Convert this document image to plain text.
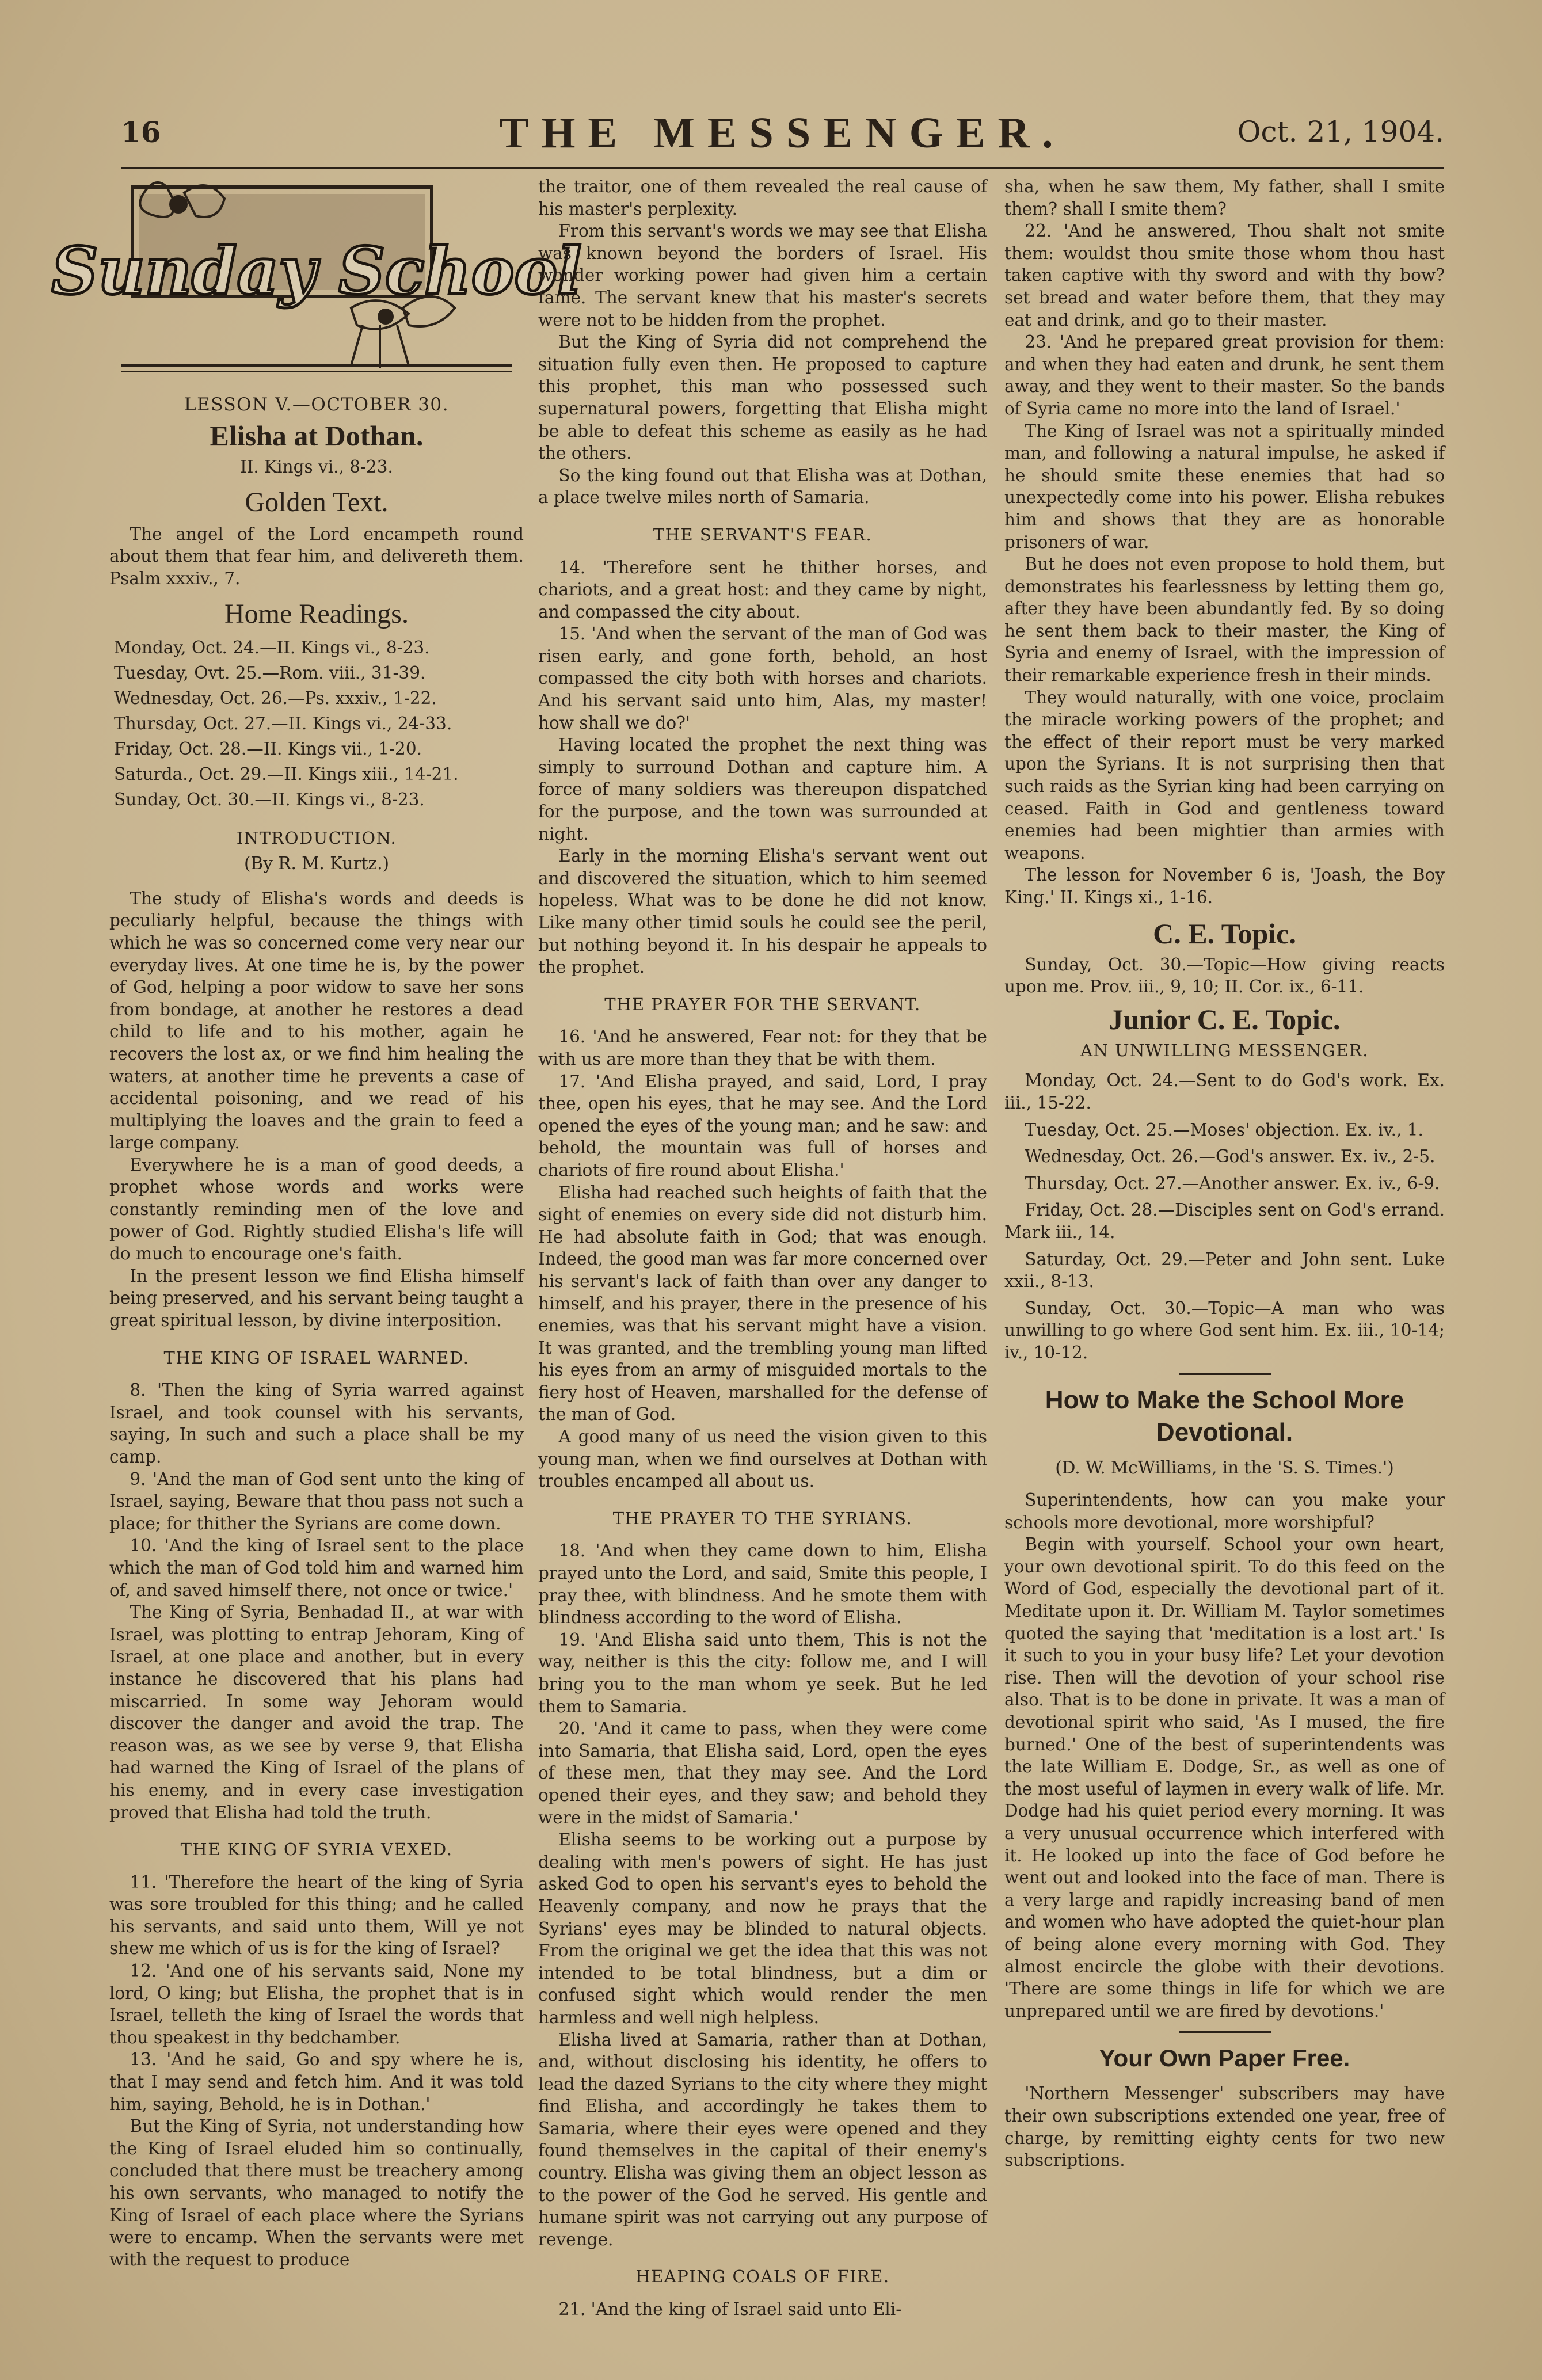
16	THE MESSENGER.	Oct. 21, 1904.
Sunday School
LESSON V.—OCTOBER 30.
Elisha at Dothan.
II. Kings vi., 8-23.
Golden Text.

The angel of the Lord encampeth round about them that fear him, and delivereth them. Psalm xxxiv., 7.

Home Readings.
Monday, Oct. 24.—II. Kings vi., 8-23.
Tuesday, Ovt. 25.—Rom. viii., 31-39.
Wednesday, Oct. 26.—Ps. xxxiv., 1-22.
Thursday, Oct. 27.—II. Kings vi., 24-33.
Friday, Oct. 28.—II. Kings vii., 1-20.
Saturda., Oct. 29.—II. Kings xiii., 14-21.
Sunday, Oct. 30.—II. Kings vi., 8-23.
INTRODUCTION.
(By R. M. Kurtz.)

The study of Elisha's words and deeds is peculiarly helpful, because the things with which he was so concerned come very near our everyday lives. At one time he is, by the power of God, helping a poor widow to save her sons from bondage, at another he restores a dead child to life and to his mother, again he recovers the lost ax, or we find him healing the waters, at another time he prevents a case of accidental poisoning, and we read of his multiplying the loaves and the grain to feed a large company.

Everywhere he is a man of good deeds, a prophet whose words and works were constantly reminding men of the love and power of God. Rightly studied Elisha's life will do much to encourage one's faith.

In the present lesson we find Elisha himself being preserved, and his servant being taught a great spiritual lesson, by divine interposition.

THE KING OF ISRAEL WARNED.

8. 'Then the king of Syria warred against Israel, and took counsel with his servants, saying, In such and such a place shall be my camp.

9. 'And the man of God sent unto the king of Israel, saying, Beware that thou pass not such a place; for thither the Syrians are come down.

10. 'And the king of Israel sent to the place which the man of God told him and warned him of, and saved himself there, not once or twice.'

The King of Syria, Benhadad II., at war with Israel, was plotting to entrap Jehoram, King of Israel, at one place and another, but in every instance he discovered that his plans had miscarried. In some way Jehoram would discover the danger and avoid the trap. The reason was, as we see by verse 9, that Elisha had warned the King of Israel of the plans of his enemy, and in every case investigation proved that Elisha had told the truth.

THE KING OF SYRIA VEXED.

11. 'Therefore the heart of the king of Syria was sore troubled for this thing; and he called his servants, and said unto them, Will ye not shew me which of us is for the king of Israel?

12. 'And one of his servants said, None my lord, O king; but Elisha, the prophet that is in Israel, telleth the king of Israel the words that thou speakest in thy bedchamber.

13. 'And he said, Go and spy where he is, that I may send and fetch him. And it was told him, saying, Behold, he is in Dothan.'

But the King of Syria, not understanding how the King of Israel eluded him so continually, concluded that there must be treachery among his own servants, who managed to notify the King of Israel of each place where the Syrians were to encamp. When the servants were met with the request to produce

the traitor, one of them revealed the real cause of his master's perplexity.

From this servant's words we may see that Elisha was known beyond the borders of Israel. His wonder working power had given him a certain fame. The servant knew that his master's secrets were not to be hidden from the prophet.

But the King of Syria did not comprehend the situation fully even then. He proposed to capture this prophet, this man who possessed such supernatural powers, forgetting that Elisha might be able to defeat this scheme as easily as he had the others.

So the king found out that Elisha was at Dothan, a place twelve miles north of Samaria.

THE SERVANT'S FEAR.

14. 'Therefore sent he thither horses, and chariots, and a great host: and they came by night, and compassed the city about.

15. 'And when the servant of the man of God was risen early, and gone forth, behold, an host compassed the city both with horses and chariots. And his servant said unto him, Alas, my master! how shall we do?'

Having located the prophet the next thing was simply to surround Dothan and capture him. A force of many soldiers was thereupon dispatched for the purpose, and the town was surrounded at night.

Early in the morning Elisha's servant went out and discovered the situation, which to him seemed hopeless. What was to be done he did not know. Like many other timid souls he could see the peril, but nothing beyond it. In his despair he appeals to the prophet.

THE PRAYER FOR THE SERVANT.

16. 'And he answered, Fear not: for they that be with us are more than they that be with them.

17. 'And Elisha prayed, and said, Lord, I pray thee, open his eyes, that he may see. And the Lord opened the eyes of the young man; and he saw: and behold, the mountain was full of horses and chariots of fire round about Elisha.'

Elisha had reached such heights of faith that the sight of enemies on every side did not disturb him. He had absolute faith in God; that was enough. Indeed, the good man was far more concerned over his servant's lack of faith than over any danger to himself, and his prayer, there in the presence of his enemies, was that his servant might have a vision. It was granted, and the trembling young man lifted his eyes from an army of misguided mortals to the fiery host of Heaven, marshalled for the defense of the man of God.

A good many of us need the vision given to this young man, when we find ourselves at Dothan with troubles encamped all about us.

THE PRAYER TO THE SYRIANS.

18. 'And when they came down to him, Elisha prayed unto the Lord, and said, Smite this people, I pray thee, with blindness. And he smote them with blindness according to the word of Elisha.

19. 'And Elisha said unto them, This is not the way, neither is this the city: follow me, and I will bring you to the man whom ye seek. But he led them to Samaria.

20. 'And it came to pass, when they were come into Samaria, that Elisha said, Lord, open the eyes of these men, that they may see. And the Lord opened their eyes, and they saw; and behold they were in the midst of Samaria.'

Elisha seems to be working out a purpose by dealing with men's powers of sight. He has just asked God to open his servant's eyes to behold the Heavenly company, and now he prays that the Syrians' eyes may be blinded to natural objects. From the original we get the idea that this was not intended to be total blindness, but a dim or confused sight which would render the men harmless and well nigh helpless.

Elisha lived at Samaria, rather than at Dothan, and, without disclosing his identity, he offers to lead the dazed Syrians to the city where they might find Elisha, and accordingly he takes them to Samaria, where their eyes were opened and they found themselves in the capital of their enemy's country. Elisha was giving them an object lesson as to the power of the God he served. His gentle and humane spirit was not carrying out any purpose of revenge.

HEAPING COALS OF FIRE.

21. 'And the king of Israel said unto Eli-

sha, when he saw them, My father, shall I smite them? shall I smite them?

22. 'And he answered, Thou shalt not smite them: wouldst thou smite those whom thou hast taken captive with thy sword and with thy bow? set bread and water before them, that they may eat and drink, and go to their master.

23. 'And he prepared great provision for them: and when they had eaten and drunk, he sent them away, and they went to their master. So the bands of Syria came no more into the land of Israel.'

The King of Israel was not a spiritually minded man, and following a natural impulse, he asked if he should smite these enemies that had so unexpectedly come into his power. Elisha rebukes him and shows that they are as honorable prisoners of war.

But he does not even propose to hold them, but demonstrates his fearlessness by letting them go, after they have been abundantly fed. By so doing he sent them back to their master, the King of Syria and enemy of Israel, with the impression of their remarkable experience fresh in their minds.

They would naturally, with one voice, proclaim the miracle working powers of the prophet; and the effect of their report must be very marked upon the Syrians. It is not surprising then that such raids as the Syrian king had been carrying on ceased. Faith in God and gentleness toward enemies had been mightier than armies with weapons.

The lesson for November 6 is, 'Joash, the Boy King.' II. Kings xi., 1-16.

C. E. Topic.

Sunday, Oct. 30.—Topic—How giving reacts upon me. Prov. iii., 9, 10; II. Cor. ix., 6-11.

Junior C. E. Topic.
AN UNWILLING MESSENGER.

Monday, Oct. 24.—Sent to do God's work. Ex. iii., 15-22.

Tuesday, Oct. 25.—Moses' objection. Ex. iv., 1.

Wednesday, Oct. 26.—God's answer. Ex. iv., 2-5.

Thursday, Oct. 27.—Another answer. Ex. iv., 6-9.

Friday, Oct. 28.—Disciples sent on God's errand. Mark iii., 14.

Saturday, Oct. 29.—Peter and John sent. Luke xxii., 8-13.

Sunday, Oct. 30.—Topic—A man who was unwilling to go where God sent him. Ex. iii., 10-14; iv., 10-12.

How to Make the School More Devotional.
(D. W. McWilliams, in the 'S. S. Times.')

Superintendents, how can you make your schools more devotional, more worshipful?

Begin with yourself. School your own heart, your own devotional spirit. To do this feed on the Word of God, especially the devotional part of it. Meditate upon it. Dr. William M. Taylor sometimes quoted the saying that 'meditation is a lost art.' Is it such to you in your busy life? Let your devotion rise. Then will the devotion of your school rise also. That is to be done in private. It was a man of devotional spirit who said, 'As I mused, the fire burned.' One of the best of superintendents was the late William E. Dodge, Sr., as well as one of the most useful of laymen in every walk of life. Mr. Dodge had his quiet period every morning. It was a very unusual occurrence which interfered with it. He looked up into the face of God before he went out and looked into the face of man. There is a very large and rapidly increasing band of men and women who have adopted the quiet-hour plan of being alone every morning with God. They almost encircle the globe with their devotions. 'There are some things in life for which we are unprepared until we are fired by devotions.'

Your Own Paper Free.

'Northern Messenger' subscribers may have their own subscriptions extended one year, free of charge, by remitting eighty cents for two new subscriptions.
